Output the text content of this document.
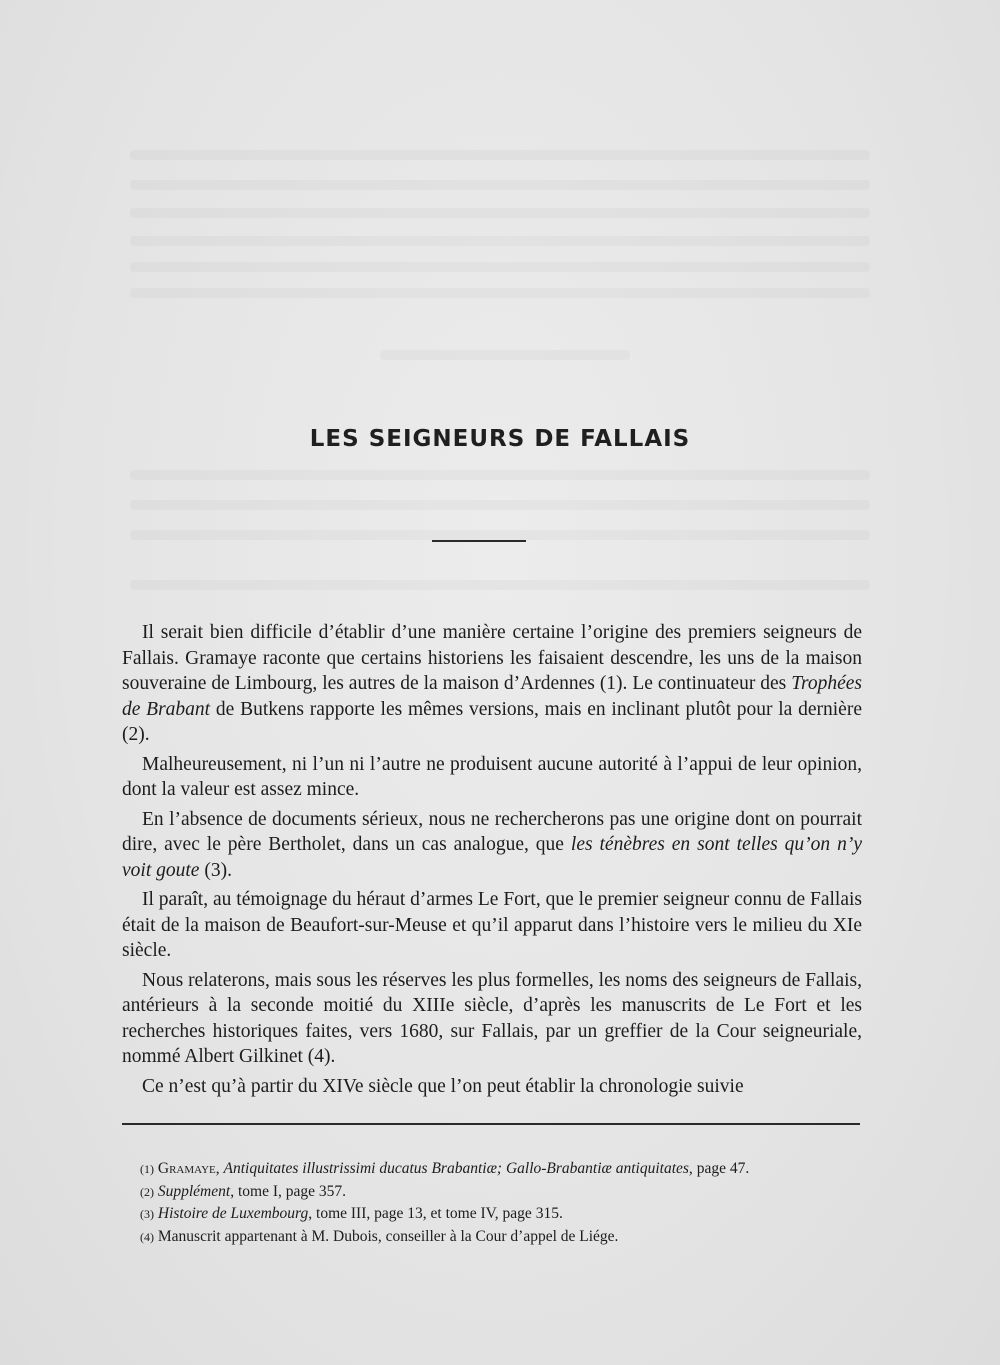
LES SEIGNEURS DE FALLAIS

Il serait bien difficile d’établir d’une manière certaine l’origine des premiers seigneurs de Fallais. Gramaye raconte que certains historiens les faisaient descendre, les uns de la maison souveraine de Limbourg, les autres de la maison d’Ardennes (1). Le continuateur des Trophées de Brabant de Butkens rapporte les mêmes versions, mais en inclinant plutôt pour la dernière (2).

Malheureusement, ni l’un ni l’autre ne produisent aucune autorité à l’appui de leur opinion, dont la valeur est assez mince.

En l’absence de documents sérieux, nous ne rechercherons pas une origine dont on pourrait dire, avec le père Bertholet, dans un cas analogue, que les ténèbres en sont telles qu’on n’y voit goute (3).

Il paraît, au témoignage du héraut d’armes Le Fort, que le premier seigneur connu de Fallais était de la maison de Beaufort-sur-Meuse et qu’il apparut dans l’histoire vers le milieu du XIe siècle.

Nous relaterons, mais sous les réserves les plus formelles, les noms des seigneurs de Fallais, antérieurs à la seconde moitié du XIIIe siècle, d’après les manuscrits de Le Fort et les recherches historiques faites, vers 1680, sur Fallais, par un greffier de la Cour seigneuriale, nommé Albert Gilkinet (4).

Ce n’est qu’à partir du XIVe siècle que l’on peut établir la chronologie suivie

(1) Gramaye, Antiquitates illustrissimi ducatus Brabantiæ; Gallo-Brabantiæ antiquitates, page 47.
(2) Supplément, tome I, page 357.
(3) Histoire de Luxembourg, tome III, page 13, et tome IV, page 315.
(4) Manuscrit appartenant à M. Dubois, conseiller à la Cour d’appel de Liége.
